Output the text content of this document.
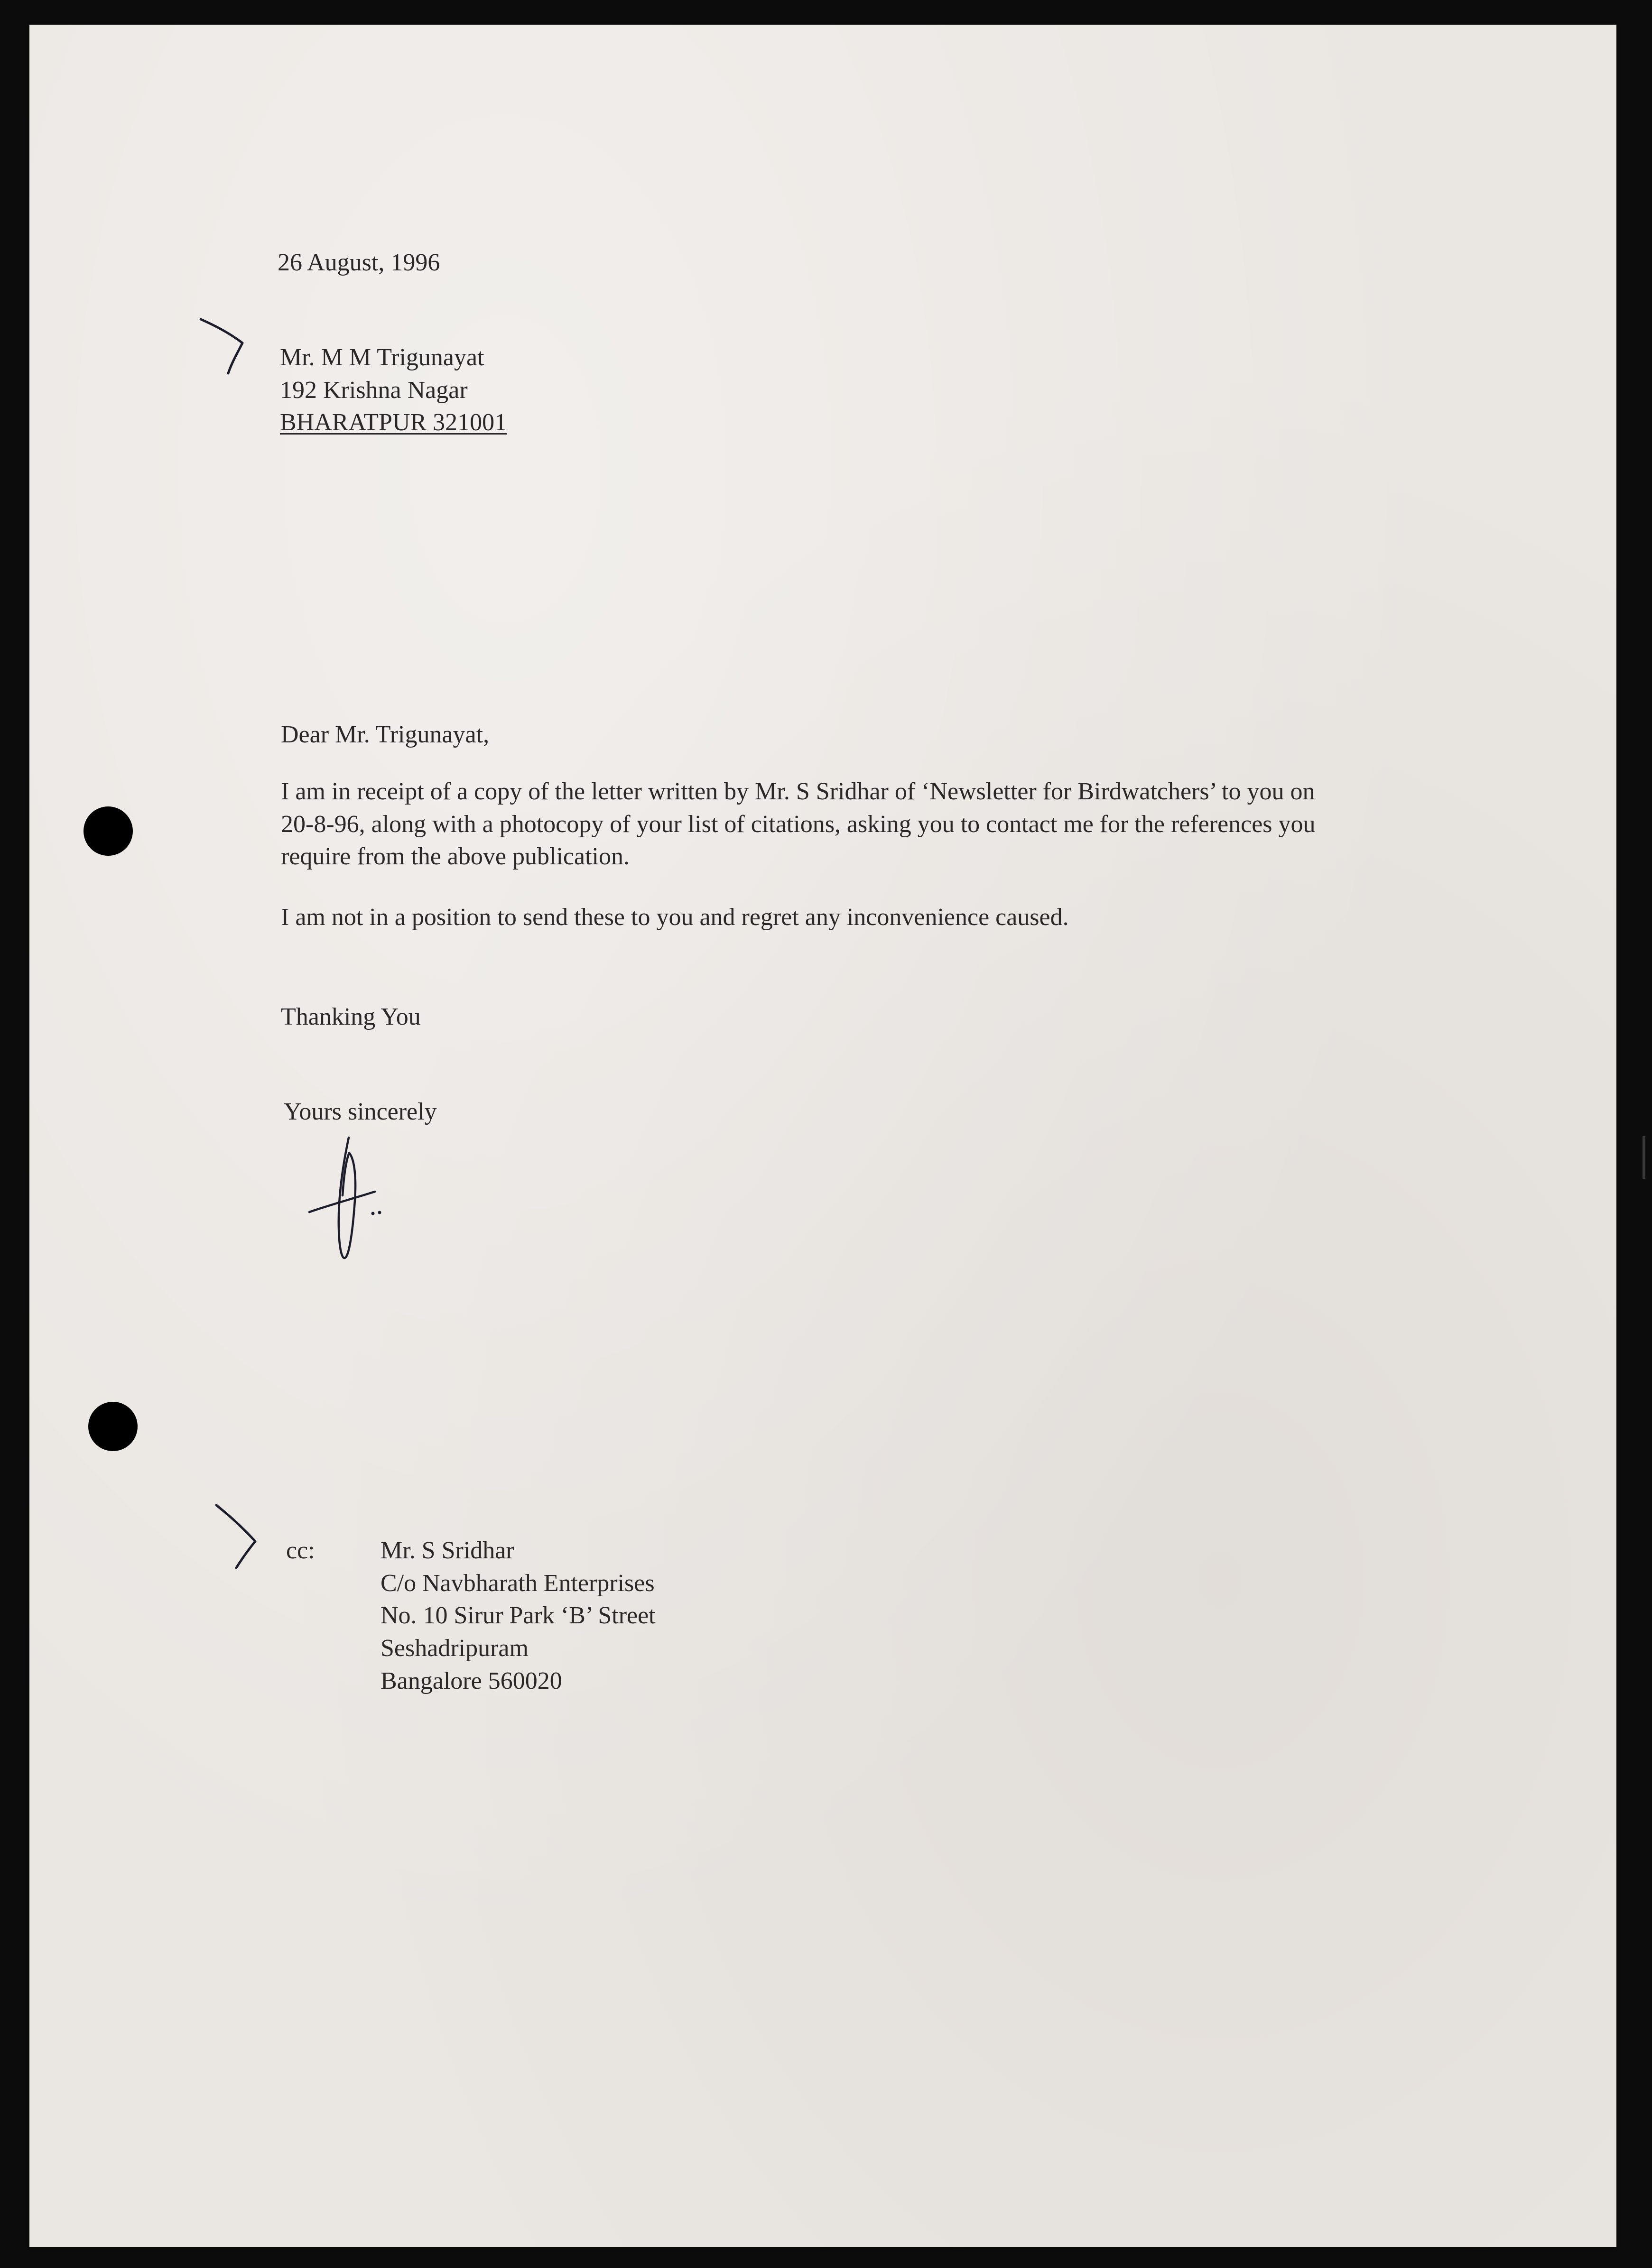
26 August, 1996
Mr. M M Trigunayat
192 Krishna Nagar
BHARATPUR 321001
Dear Mr. Trigunayat,
I am in receipt of a copy of the letter written by Mr. S Sridhar of ‘Newsletter for Birdwatchers’ to you on
20-8-96, along with a photocopy of your list of citations, asking you to contact me for the references you
require from the above publication.
I am not in a position to send these to you and regret any inconvenience caused.
Thanking You
Yours sincerely
cc:	Mr. S Sridhar
C/o Navbharath Enterprises
No. 10 Sirur Park ‘B’ Street
Seshadripuram
Bangalore 560020
